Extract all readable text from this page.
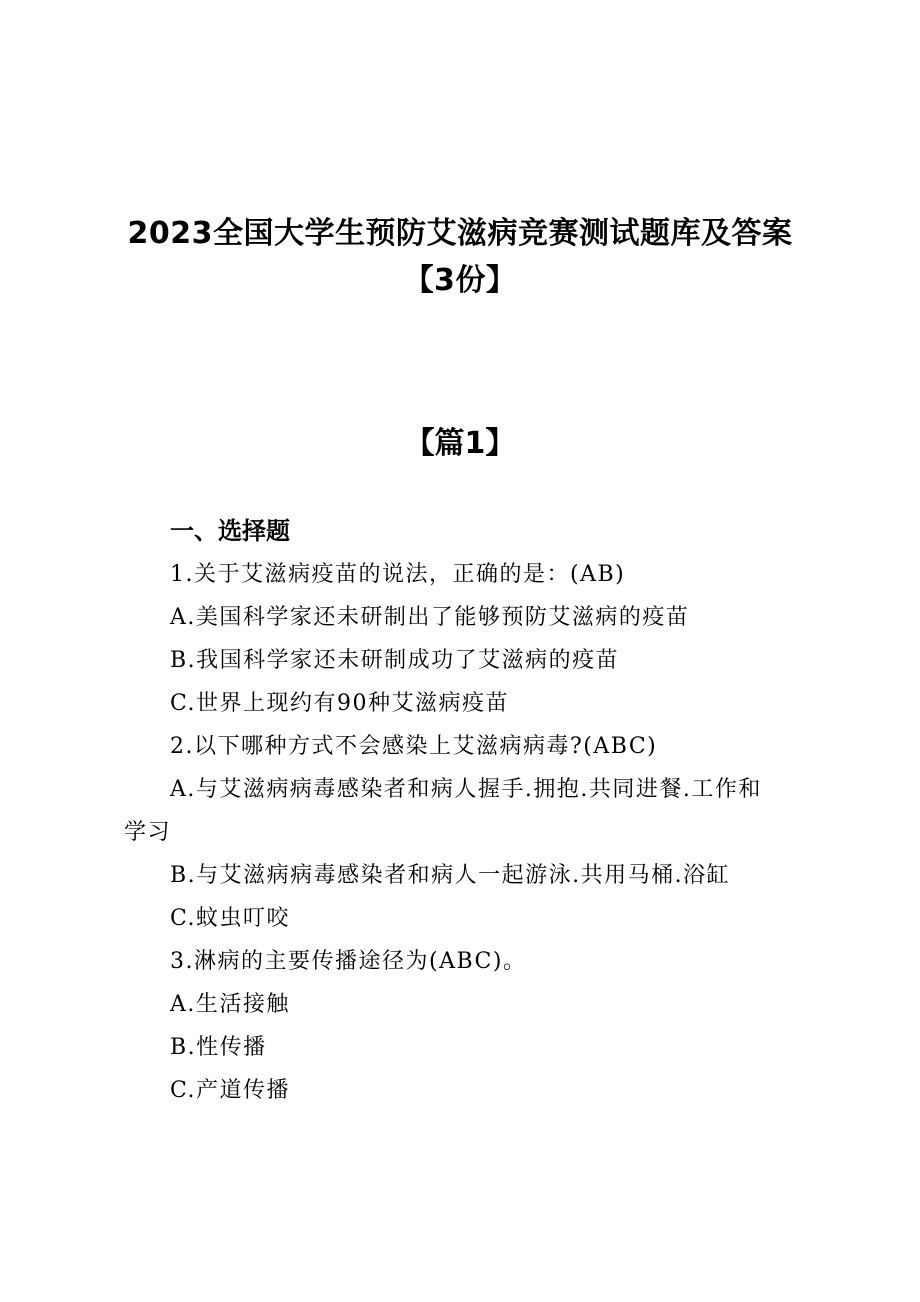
2023全国大学生预防艾滋病竞赛测试题库及答案
【3份】
【篇1】
一、选择题
1.关于艾滋病疫苗的说法，正确的是：(AB)
A.美国科学家还未研制出了能够预防艾滋病的疫苗
B.我国科学家还未研制成功了艾滋病的疫苗
C.世界上现约有90种艾滋病疫苗
2.以下哪种方式不会感染上艾滋病病毒?(ABC)
A.与艾滋病病毒感染者和病人握手.拥抱.共同进餐.工作和
学习
B.与艾滋病病毒感染者和病人一起游泳.共用马桶.浴缸
C.蚊虫叮咬
3.淋病的主要传播途径为(ABC)。
A.生活接触
B.性传播
C.产道传播
